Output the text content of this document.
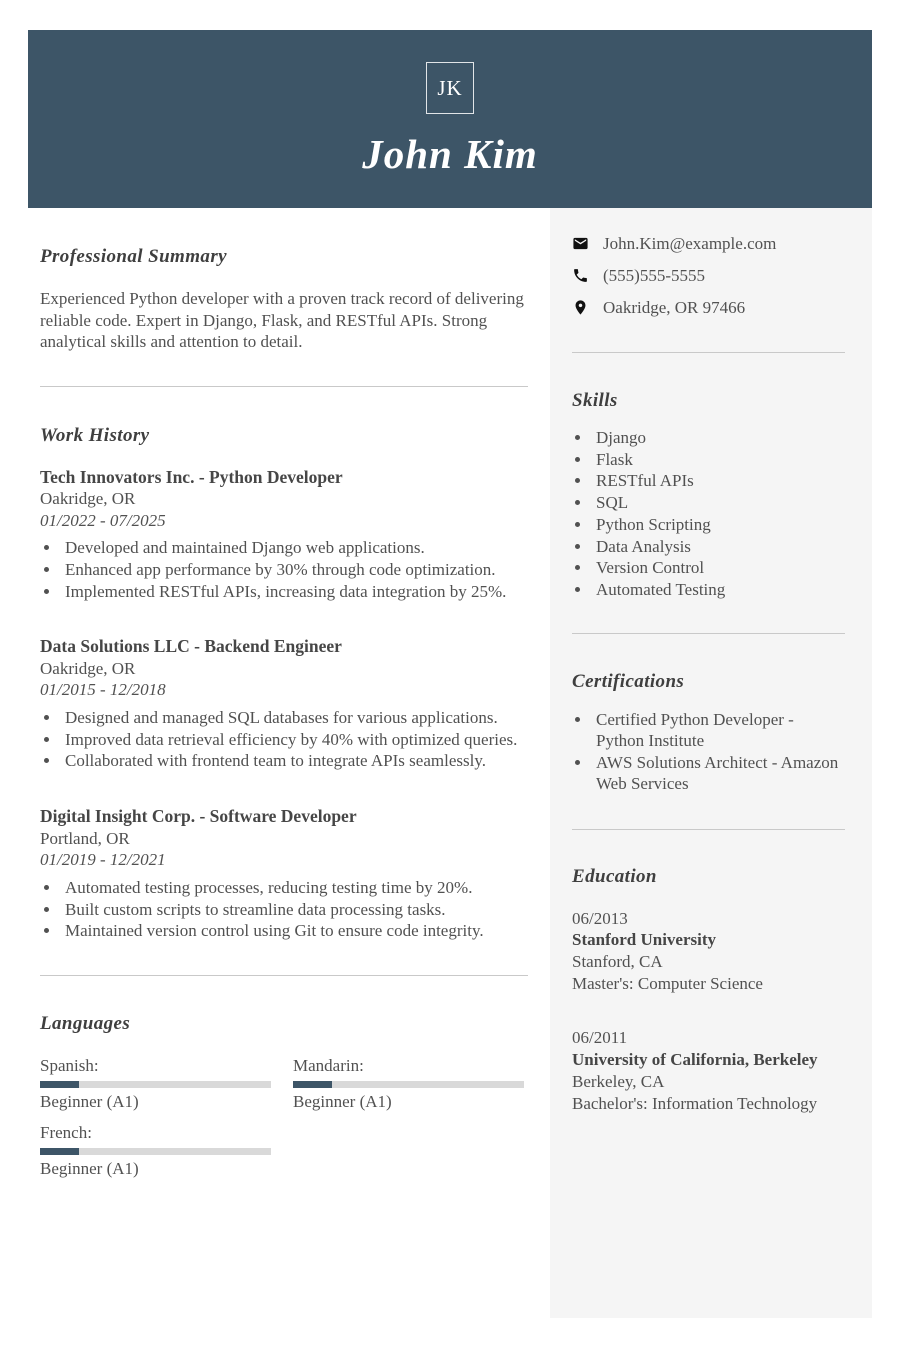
JK
John Kim
Professional Summary

Experienced Python developer with a proven track record of delivering reliable code. Expert in Django, Flask, and RESTful APIs. Strong analytical skills and attention to detail.

Work History
Tech Innovators Inc. - Python Developer
Oakridge, OR
01/2022 - 07/2025
• Developed and maintained Django web applications.
• Enhanced app performance by 30% through code optimization.
• Implemented RESTful APIs, increasing data integration by 25%.
Data Solutions LLC - Backend Engineer
Oakridge, OR
01/2015 - 12/2018
• Designed and managed SQL databases for various applications.
• Improved data retrieval efficiency by 40% with optimized queries.
• Collaborated with frontend team to integrate APIs seamlessly.
Digital Insight Corp. - Software Developer
Portland, OR
01/2019 - 12/2021
• Automated testing processes, reducing testing time by 20%.
• Built custom scripts to streamline data processing tasks.
• Maintained version control using Git to ensure code integrity.
Languages
Spanish:
Beginner (A1)
Mandarin:
Beginner (A1)
French:
Beginner (A1)
John.Kim@example.com
(555)555-5555
Oakridge, OR 97466
Skills
• Django
• Flask
• RESTful APIs
• SQL
• Python Scripting
• Data Analysis
• Version Control
• Automated Testing
Certifications
• Certified Python Developer - Python Institute
• AWS Solutions Architect - Amazon Web Services
Education
06/2013
Stanford University
Stanford, CA
Master's: Computer Science
06/2011
University of California, Berkeley
Berkeley, CA
Bachelor's: Information Technology
